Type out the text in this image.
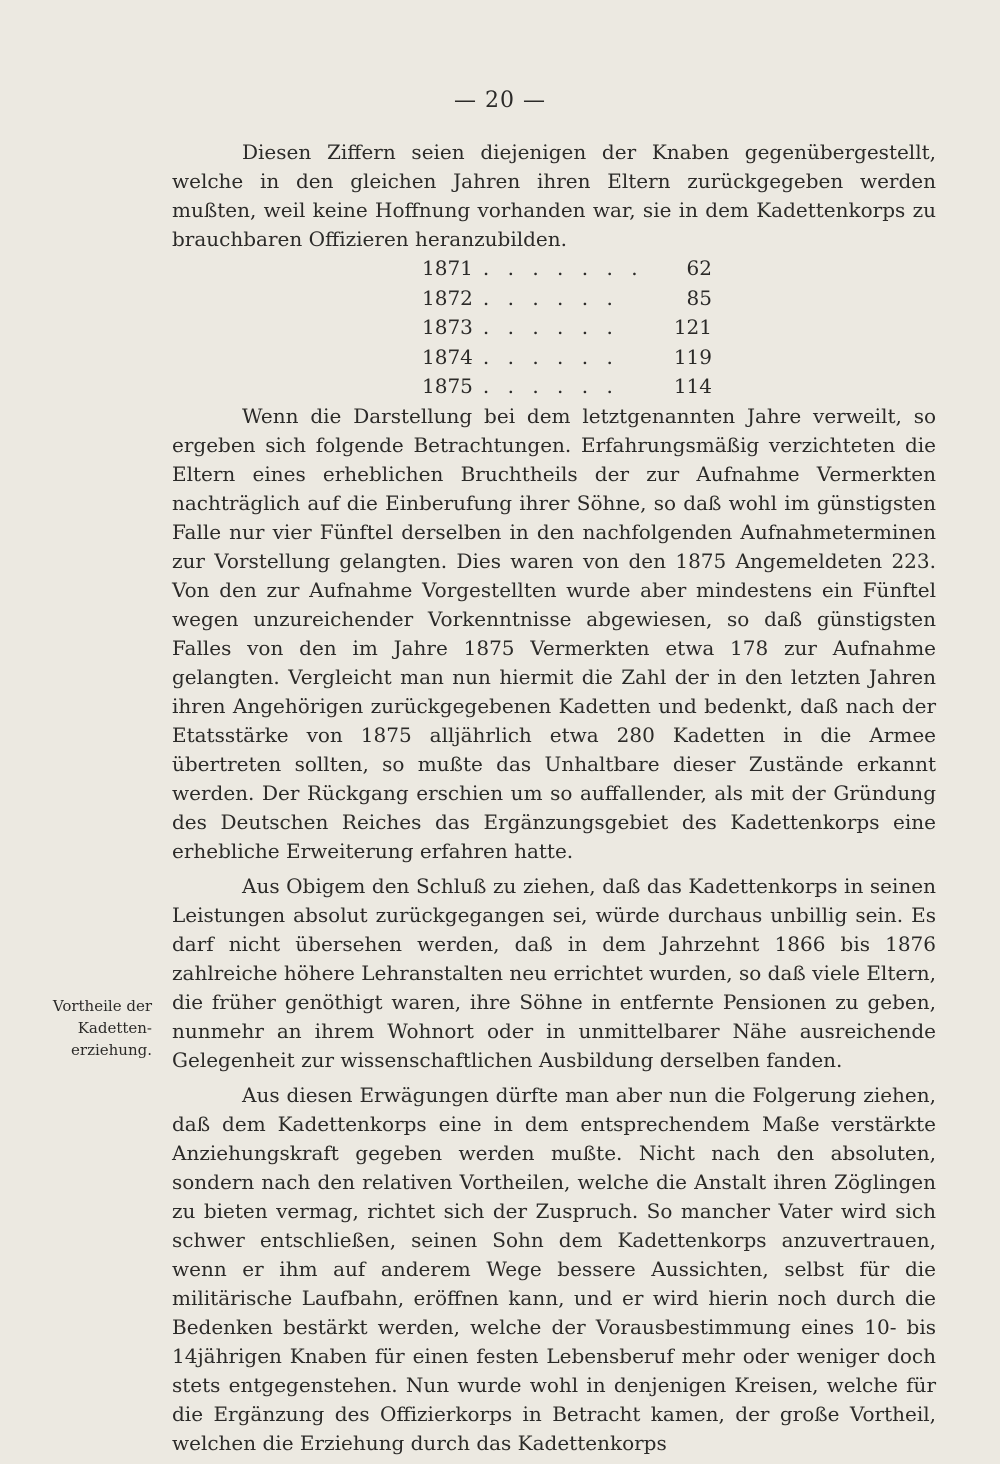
— 20 —

Diesen Ziffern seien diejenigen der Knaben gegenübergestellt, welche in den gleichen Jahren ihren Eltern zurückgegeben werden mußten, weil keine Hoffnung vorhanden war, sie in dem Kadettenkorps zu brauchbaren Offizieren heranzubilden.

1871 . . . . . . .	62
1872 . . . . . .	85
1873 . . . . . .	121
1874 . . . . . .	119
1875 . . . . . .	114

Wenn die Darstellung bei dem letztgenannten Jahre verweilt, so ergeben sich folgende Betrachtungen. Erfahrungsmäßig verzichteten die Eltern eines erheblichen Bruchtheils der zur Aufnahme Vermerkten nachträglich auf die Einberufung ihrer Söhne, so daß wohl im günstigsten Falle nur vier Fünftel derselben in den nachfolgenden Aufnahmeterminen zur Vorstellung gelangten. Dies waren von den 1875 Angemeldeten 223. Von den zur Aufnahme Vorgestellten wurde aber mindestens ein Fünftel wegen unzureichender Vorkenntnisse abgewiesen, so daß günstigsten Falles von den im Jahre 1875 Vermerkten etwa 178 zur Aufnahme gelangten. Vergleicht man nun hiermit die Zahl der in den letzten Jahren ihren Angehörigen zurückgegebenen Kadetten und bedenkt, daß nach der Etatsstärke von 1875 alljährlich etwa 280 Kadetten in die Armee übertreten sollten, so mußte das Unhaltbare dieser Zustände erkannt werden. Der Rückgang erschien um so auffallender, als mit der Gründung des Deutschen Reiches das Ergänzungsgebiet des Kadettenkorps eine erhebliche Erweiterung erfahren hatte.

Aus Obigem den Schluß zu ziehen, daß das Kadettenkorps in seinen Leistungen absolut zurückgegangen sei, würde durchaus unbillig sein. Es darf nicht übersehen werden, daß in dem Jahrzehnt 1866 bis 1876 zahlreiche höhere Lehranstalten neu errichtet wurden, so daß viele Eltern, die früher genöthigt waren, ihre Söhne in entfernte Pensionen zu geben, nunmehr an ihrem Wohnort oder in unmittelbarer Nähe ausreichende Gelegenheit zur wissenschaftlichen Ausbildung derselben fanden.

Aus diesen Erwägungen dürfte man aber nun die Folgerung ziehen, daß dem Kadettenkorps eine in dem entsprechendem Maße verstärkte Anziehungskraft gegeben werden mußte. Nicht nach den absoluten, sondern nach den relativen Vortheilen, welche die Anstalt ihren Zöglingen zu bieten vermag, richtet sich der Zuspruch. So mancher Vater wird sich schwer entschließen, seinen Sohn dem Kadettenkorps anzuvertrauen, wenn er ihm auf anderem Wege bessere Aussichten, selbst für die militärische Laufbahn, eröffnen kann, und er wird hierin noch durch die Bedenken bestärkt werden, welche der Vorausbestimmung eines 10- bis 14jährigen Knaben für einen festen Lebensberuf mehr oder weniger doch stets entgegenstehen. Nun wurde wohl in denjenigen Kreisen, welche für die Ergänzung des Offizierkorps in Betracht kamen, der große Vortheil, welchen die Erziehung durch das Kadettenkorps

Vortheile der
Kadetten-
erziehung.
